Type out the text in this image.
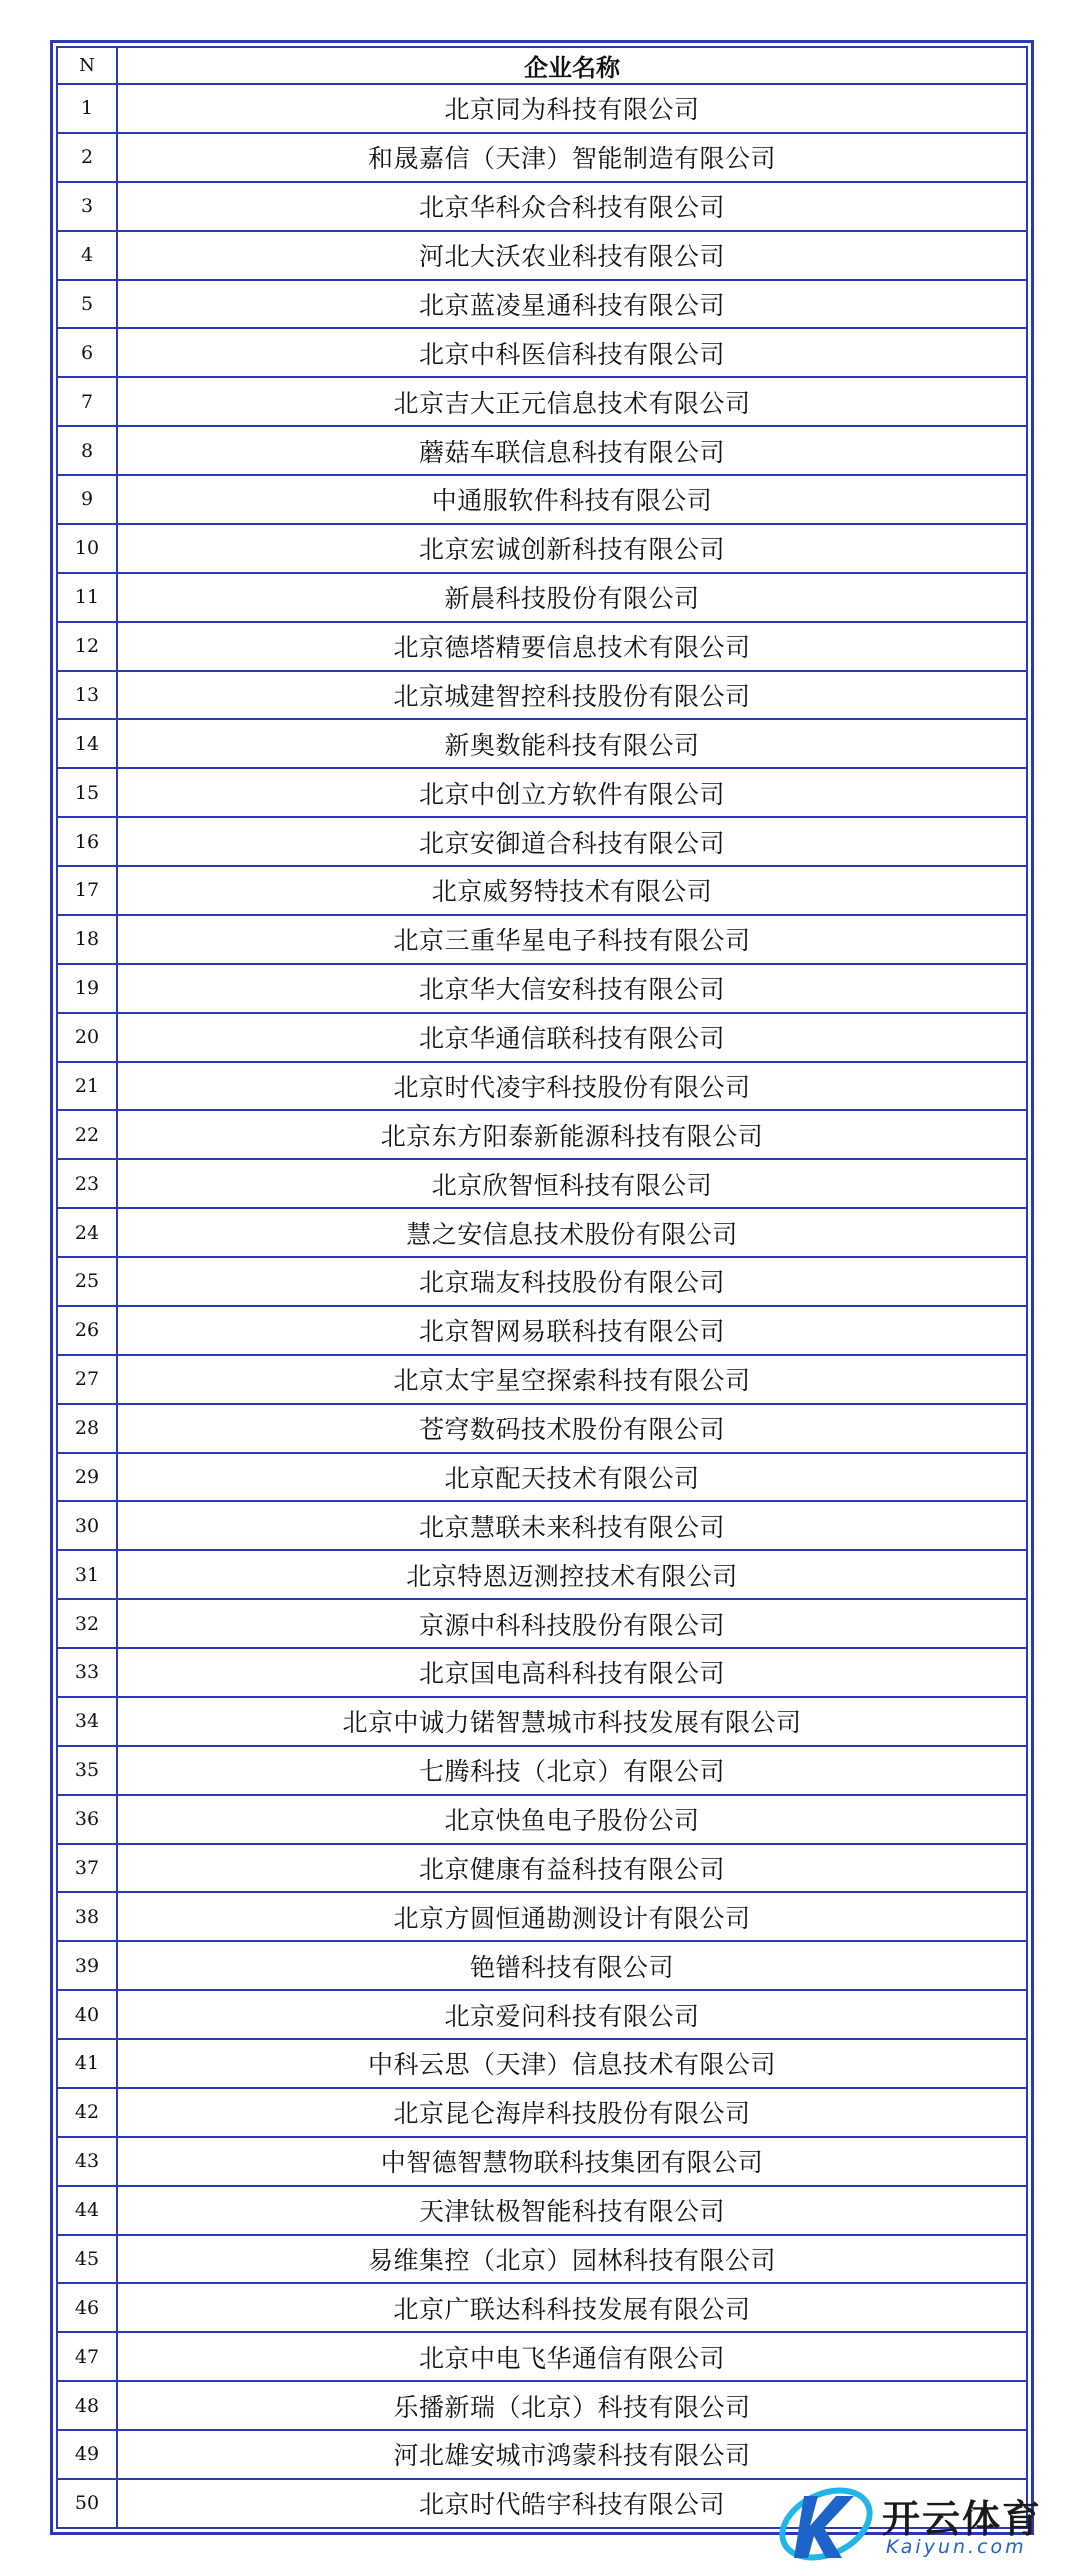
N	企业名称
1	北京同为科技有限公司
2	和晟嘉信（天津）智能制造有限公司
3	北京华科众合科技有限公司
4	河北大沃农业科技有限公司
5	北京蓝凌星通科技有限公司
6	北京中科医信科技有限公司
7	北京吉大正元信息技术有限公司
8	蘑菇车联信息科技有限公司
9	中通服软件科技有限公司
10	北京宏诚创新科技有限公司
11	新晨科技股份有限公司
12	北京德塔精要信息技术有限公司
13	北京城建智控科技股份有限公司
14	新奥数能科技有限公司
15	北京中创立方软件有限公司
16	北京安御道合科技有限公司
17	北京威努特技术有限公司
18	北京三重华星电子科技有限公司
19	北京华大信安科技有限公司
20	北京华通信联科技有限公司
21	北京时代凌宇科技股份有限公司
22	北京东方阳泰新能源科技有限公司
23	北京欣智恒科技有限公司
24	慧之安信息技术股份有限公司
25	北京瑞友科技股份有限公司
26	北京智网易联科技有限公司
27	北京太宇星空探索科技有限公司
28	苍穹数码技术股份有限公司
29	北京配天技术有限公司
30	北京慧联未来科技有限公司
31	北京特恩迈测控技术有限公司
32	京源中科科技股份有限公司
33	北京国电高科科技有限公司
34	北京中诚力锘智慧城市科技发展有限公司
35	七腾科技（北京）有限公司
36	北京快鱼电子股份公司
37	北京健康有益科技有限公司
38	北京方圆恒通勘测设计有限公司
39	铯镨科技有限公司
40	北京爱问科技有限公司
41	中科云思（天津）信息技术有限公司
42	北京昆仑海岸科技股份有限公司
43	中智德智慧物联科技集团有限公司
44	天津钛极智能科技有限公司
45	易维集控（北京）园林科技有限公司
46	北京广联达科科技发展有限公司
47	北京中电飞华通信有限公司
48	乐播新瑞（北京）科技有限公司
49	河北雄安城市鸿蒙科技有限公司
50	北京时代皓宇科技有限公司	开云体育
Kaiyun.com
